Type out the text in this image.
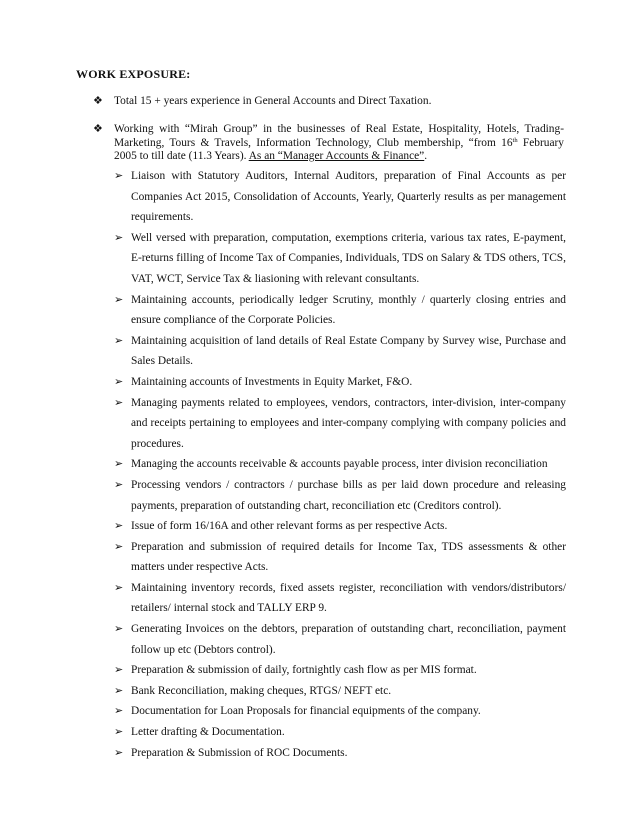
WORK EXPOSURE:
❖ Total 15 + years experience in General Accounts and Direct Taxation.
❖ Working with “Mirah Group” in the businesses of Real Estate, Hospitality, Hotels, Trading-Marketing, Tours & Travels, Information Technology, Club membership, “from 16th February 2005 to till date (11.3 Years). As an “Manager Accounts & Finance”.
➢ Liaison with Statutory Auditors, Internal Auditors, preparation of Final Accounts as per Companies Act 2015, Consolidation of Accounts, Yearly, Quarterly results as per management requirements.
➢ Well versed with preparation, computation, exemptions criteria, various tax rates, E-payment, E-returns filling of Income Tax of Companies, Individuals, TDS on Salary & TDS others, TCS, VAT, WCT, Service Tax & liasioning with relevant consultants.
➢ Maintaining accounts, periodically ledger Scrutiny, monthly / quarterly closing entries and ensure compliance of the Corporate Policies.
➢ Maintaining acquisition of land details of Real Estate Company by Survey wise, Purchase and Sales Details.
➢ Maintaining accounts of Investments in Equity Market, F&O.
➢ Managing payments related to employees, vendors, contractors, inter-division, inter-company and receipts pertaining to employees and inter-company complying with company policies and procedures.
➢ Managing the accounts receivable & accounts payable process, inter division reconciliation
➢ Processing vendors / contractors / purchase bills as per laid down procedure and releasing payments, preparation of outstanding chart, reconciliation etc (Creditors control).
➢ Issue of form 16/16A and other relevant forms as per respective Acts.
➢ Preparation and submission of required details for Income Tax, TDS assessments & other matters under respective Acts.
➢ Maintaining inventory records, fixed assets register, reconciliation with vendors/distributors/ retailers/ internal stock and TALLY ERP 9.
➢ Generating Invoices on the debtors, preparation of outstanding chart, reconciliation, payment follow up etc (Debtors control).
➢ Preparation & submission of daily, fortnightly cash flow as per MIS format.
➢ Bank Reconciliation, making cheques, RTGS/ NEFT etc.
➢ Documentation for Loan Proposals for financial equipments of the company.
➢ Letter drafting & Documentation.
➢ Preparation & Submission of ROC Documents.
